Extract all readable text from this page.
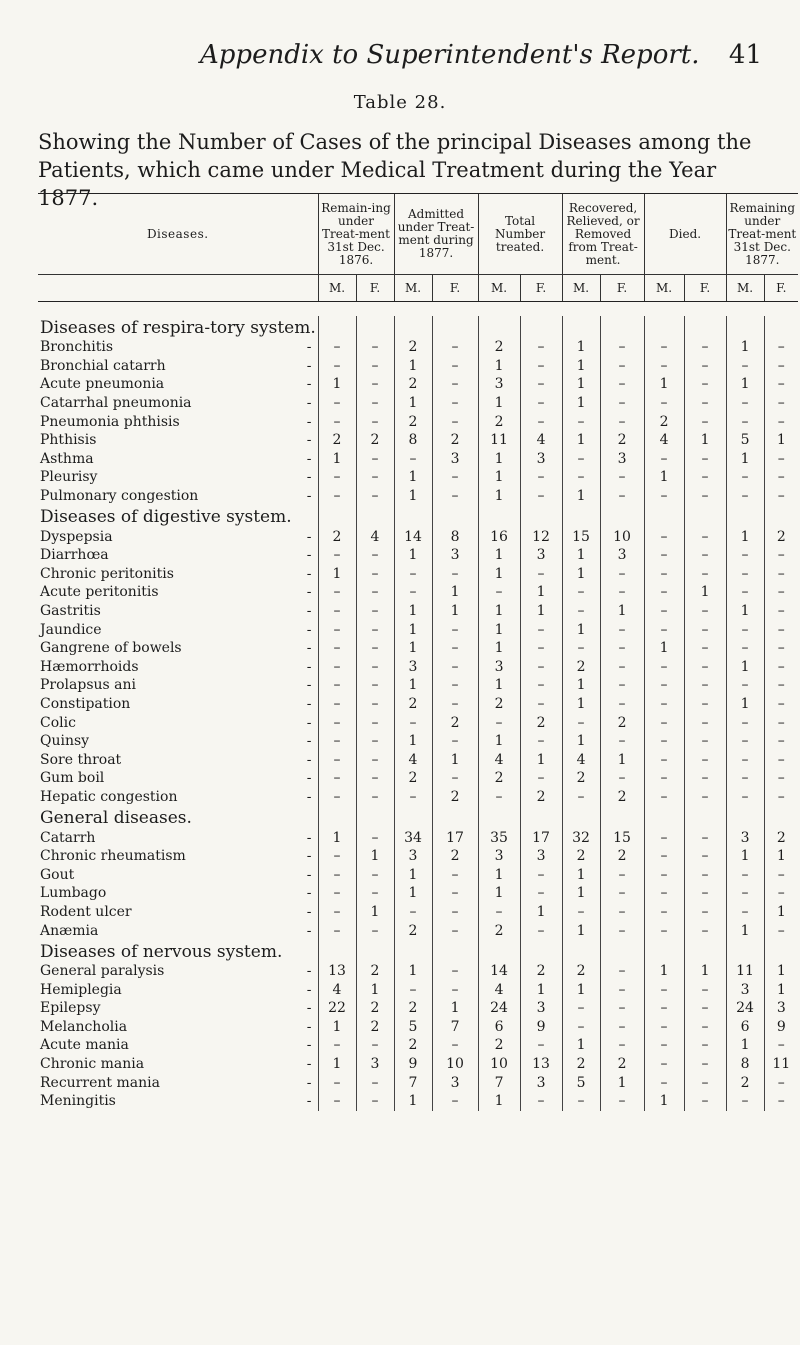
Appendix to Superintendent's Report. 41
Table 28.
Showing the Number of Cases of the principal Diseases among the Patients, which came under Medical Treatment during the Year 1877.
Diseases.	Remain-ing under Treat-ment 31st Dec. 1876.		Admitted under Treat-ment during 1877.		Total Number treated.		Recovered, Relieved, or Removed from Treat-ment.		Died.		Remaining under Treat-ment 31st Dec. 1877.	
	M.	F.	M.	F.	M.	F.	M.	F.	M.	F.	M.	F.

Diseases of respira-tory system.												
Bronchitis -	–	–	2	–	2	–	1	–	–	–	1	–
Bronchial catarrh -	–	–	1	–	1	–	1	–	–	–	–	–
Acute pneumonia -	1	–	2	–	3	–	1	–	1	–	1	–
Catarrhal pneumonia -	–	–	1	–	1	–	1	–	–	–	–	–
Pneumonia phthisis -	–	–	2	–	2	–	–	–	2	–	–	–
Phthisis -	2	2	8	2	11	4	1	2	4	1	5	1
Asthma -	1	–	–	3	1	3	–	3	–	–	1	–
Pleurisy -	–	–	1	–	1	–	–	–	1	–	–	–
Pulmonary congestion -	–	–	1	–	1	–	1	–	–	–	–	–
Diseases of digestive system.												
Dyspepsia -	2	4	14	8	16	12	15	10	–	–	1	2
Diarrhœa -	–	–	1	3	1	3	1	3	–	–	–	–
Chronic peritonitis -	1	–	–	–	1	–	1	–	–	–	–	–
Acute peritonitis -	–	–	–	1	–	1	–	–	–	1	–	–
Gastritis -	–	–	1	1	1	1	–	1	–	–	1	–
Jaundice -	–	–	1	–	1	–	1	–	–	–	–	–
Gangrene of bowels -	–	–	1	–	1	–	–	–	1	–	–	–
Hæmorrhoids -	–	–	3	–	3	–	2	–	–	–	1	–
Prolapsus ani -	–	–	1	–	1	–	1	–	–	–	–	–
Constipation -	–	–	2	–	2	–	1	–	–	–	1	–
Colic -	–	–	–	2	–	2	–	2	–	–	–	–
Quinsy -	–	–	1	–	1	–	1	–	–	–	–	–
Sore throat -	–	–	4	1	4	1	4	1	–	–	–	–
Gum boil -	–	–	2	–	2	–	2	–	–	–	–	–
Hepatic congestion -	–	–	–	2	–	2	–	2	–	–	–	–
General diseases.												
Catarrh -	1	–	34	17	35	17	32	15	–	–	3	2
Chronic rheumatism -	–	1	3	2	3	3	2	2	–	–	1	1
Gout -	–	–	1	–	1	–	1	–	–	–	–	–
Lumbago -	–	–	1	–	1	–	1	–	–	–	–	–
Rodent ulcer -	–	1	–	–	–	1	–	–	–	–	–	1
Anæmia -	–	–	2	–	2	–	1	–	–	–	1	–
Diseases of nervous system.												
General paralysis -	13	2	1	–	14	2	2	–	1	1	11	1
Hemiplegia -	4	1	–	–	4	1	1	–	–	–	3	1
Epilepsy -	22	2	2	1	24	3	–	–	–	–	24	3
Melancholia -	1	2	5	7	6	9	–	–	–	–	6	9
Acute mania -	–	–	2	–	2	–	1	–	–	–	1	–
Chronic mania -	1	3	9	10	10	13	2	2	–	–	8	11
Recurrent mania -	–	–	7	3	7	3	5	1	–	–	2	–
Meningitis -	–	–	1	–	1	–	–	–	1	–	–	–
